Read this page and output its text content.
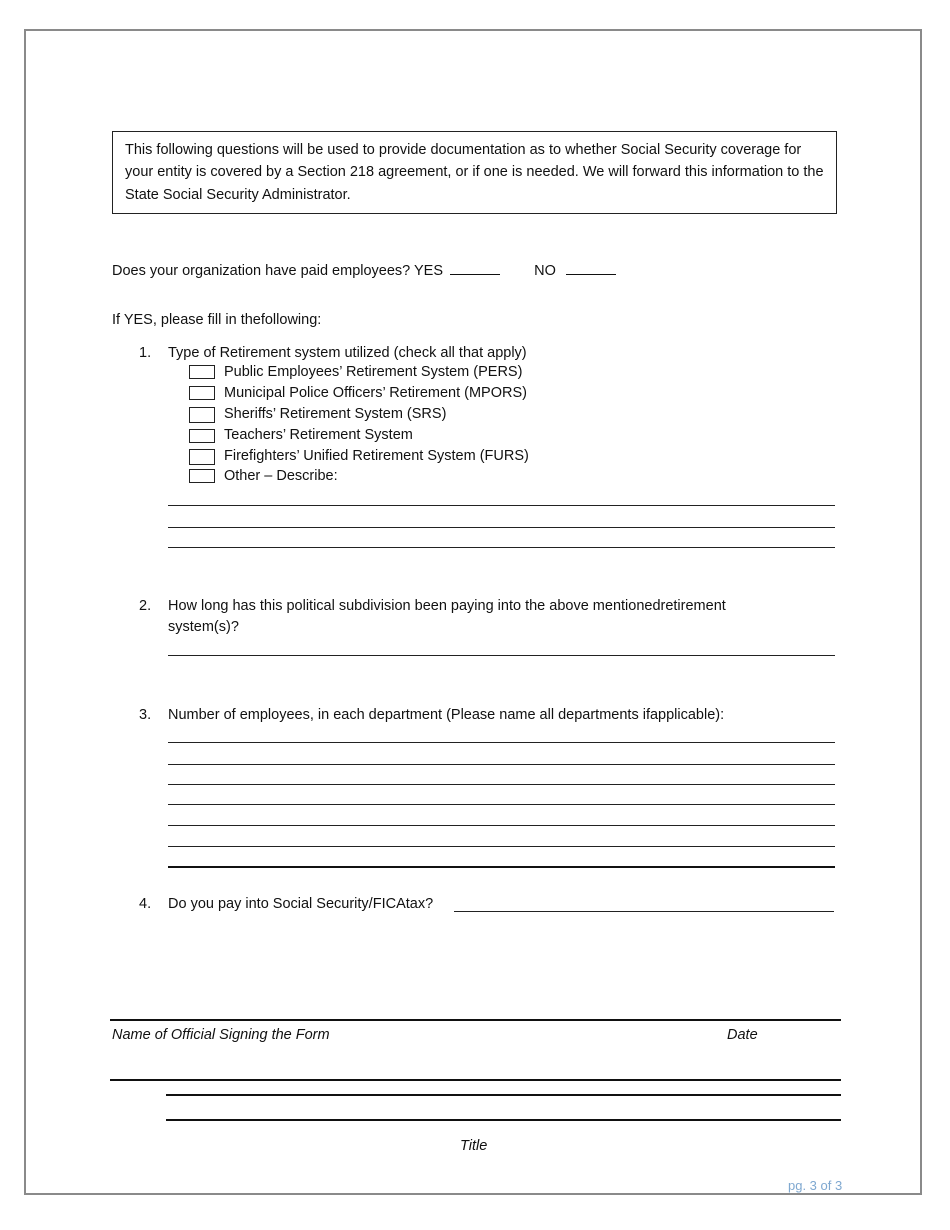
This following questions will be used to provide documentation as to whether Social Security coverage for your entity is covered by a Section 218 agreement, or if one is needed. We will forward this information to the State Social Security Administrator.
Does your organization have paid employees? YES	NO
If YES, please fill in thefollowing:
1. Type of Retirement system utilized (check all that apply)
Public Employees’ Retirement System (PERS)
Municipal Police Officers’ Retirement (MPORS)
Sheriffs’ Retirement System (SRS)
Teachers’ Retirement System
Firefighters’ Unified Retirement System (FURS)
Other – Describe:
2. How long has this political subdivision been paying into the above mentionedretirement
system(s)?
3. Number of employees, in each department (Please name all departments ifapplicable):
4. Do you pay into Social Security/FICAtax?
Name of Official Signing the Form	Date
Title
pg. 3 of 3
